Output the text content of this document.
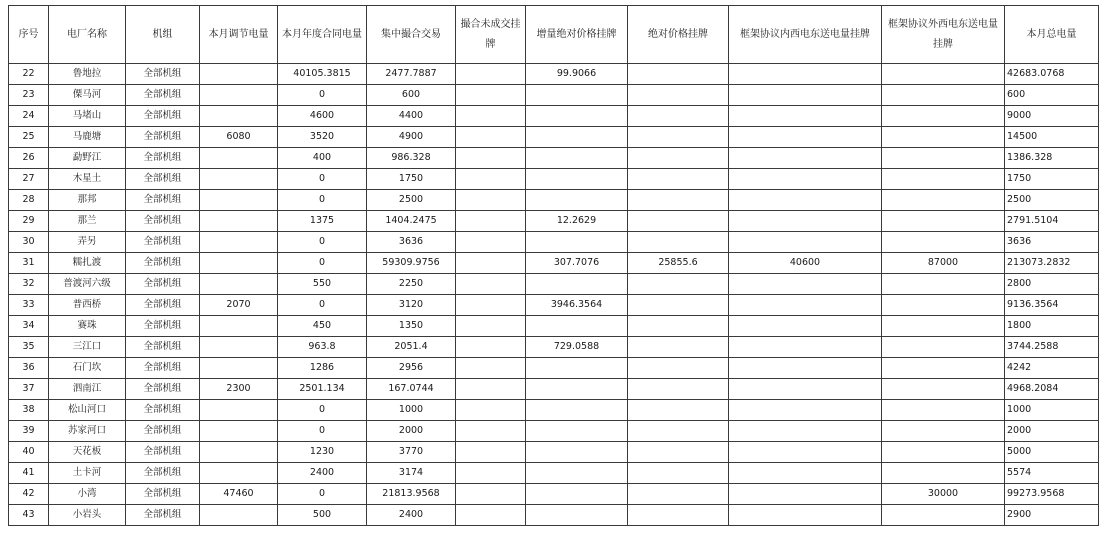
序号	电厂名称	机组	本月调节电量	本月年度合同电量	集中撮合交易	撮合未成交挂牌	增量绝对价格挂牌	绝对价格挂牌	框架协议内西电东送电量挂牌	框架协议外西电东送电量挂牌	本月总电量
22	鲁地拉	全部机组		40105.3815	2477.7887		99.9066				42683.0768
23	傈马河	全部机组		0	600						600
24	马堵山	全部机组		4600	4400						9000
25	马鹿塘	全部机组	6080	3520	4900						14500
26	勐野江	全部机组		400	986.328						1386.328
27	木星土	全部机组		0	1750						1750
28	那邦	全部机组		0	2500						2500
29	那兰	全部机组		1375	1404.2475		12.2629				2791.5104
30	弄另	全部机组		0	3636						3636
31	糯扎渡	全部机组		0	59309.9756		307.7076	25855.6	40600	87000	213073.2832
32	普渡河六级	全部机组		550	2250						2800
33	普西桥	全部机组	2070	0	3120		3946.3564				9136.3564
34	赛珠	全部机组		450	1350						1800
35	三江口	全部机组		963.8	2051.4		729.0588				3744.2588
36	石门坎	全部机组		1286	2956						4242
37	泗南江	全部机组	2300	2501.134	167.0744						4968.2084
38	松山河口	全部机组		0	1000						1000
39	苏家河口	全部机组		0	2000						2000
40	天花板	全部机组		1230	3770						5000
41	土卡河	全部机组		2400	3174						5574
42	小湾	全部机组	47460	0	21813.9568					30000	99273.9568
43	小岩头	全部机组		500	2400						2900
